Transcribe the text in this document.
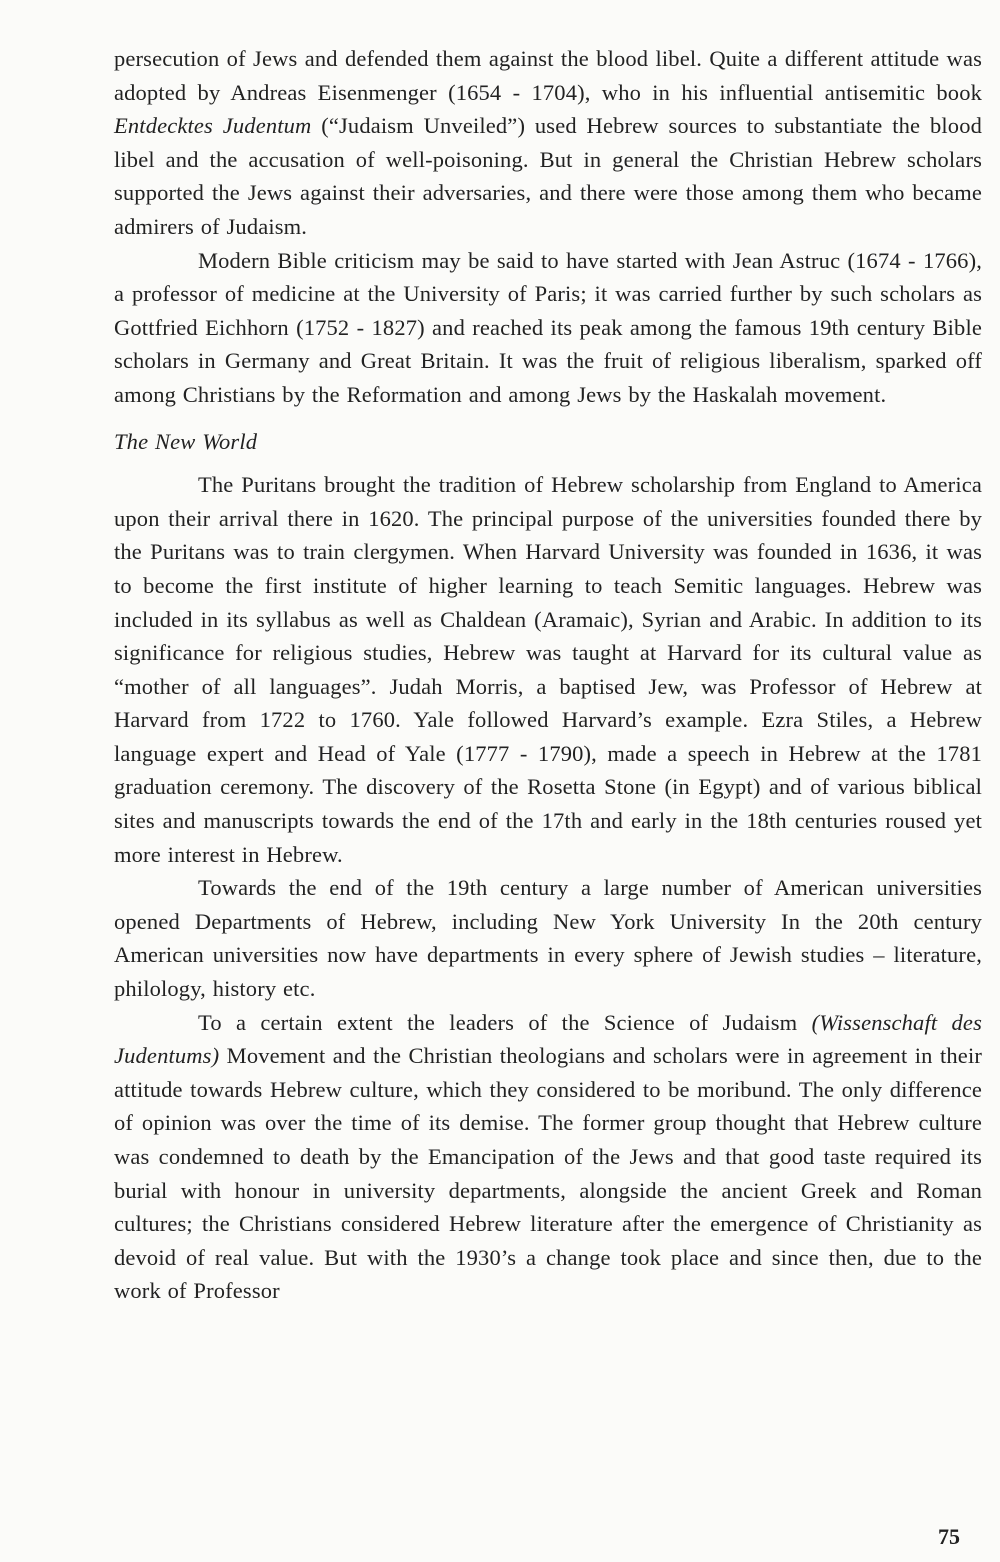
persecution of Jews and defended them against the blood libel. Quite a different attitude was adopted by Andreas Eisenmenger (1654 - 1704), who in his influential antisemitic book Entdecktes Judentum (“Judaism Unveiled”) used Hebrew sources to substantiate the blood libel and the accusation of well-poisoning. But in general the Christian Hebrew scholars supported the Jews against their adversaries, and there were those among them who became admirers of Judaism.

Modern Bible criticism may be said to have started with Jean Astruc (1674 - 1766), a professor of medicine at the University of Paris; it was carried further by such scholars as Gottfried Eichhorn (1752 - 1827) and reached its peak among the famous 19th century Bible scholars in Germany and Great Britain. It was the fruit of religious liberalism, sparked off among Christians by the Reformation and among Jews by the Haskalah movement.

The New World

The Puritans brought the tradition of Hebrew scholarship from England to America upon their arrival there in 1620. The principal purpose of the universities founded there by the Puritans was to train clergymen. When Harvard University was founded in 1636, it was to become the first institute of higher learning to teach Semitic languages. Hebrew was included in its syllabus as well as Chaldean (Aramaic), Syrian and Arabic. In addition to its significance for religious studies, Hebrew was taught at Harvard for its cultural value as “mother of all languages”. Judah Morris, a baptised Jew, was Professor of Hebrew at Harvard from 1722 to 1760. Yale followed Harvard’s example. Ezra Stiles, a Hebrew language expert and Head of Yale (1777 - 1790), made a speech in Hebrew at the 1781 graduation ceremony. The discovery of the Rosetta Stone (in Egypt) and of various biblical sites and manuscripts towards the end of the 17th and early in the 18th centuries roused yet more interest in Hebrew.

Towards the end of the 19th century a large number of American universities opened Departments of Hebrew, including New York University In the 20th century American universities now have departments in every sphere of Jewish studies – literature, philology, history etc.

To a certain extent the leaders of the Science of Judaism (Wissenschaft des Judentums) Movement and the Christian theologians and scholars were in agreement in their attitude towards Hebrew culture, which they considered to be moribund. The only difference of opinion was over the time of its demise. The former group thought that Hebrew culture was condemned to death by the Emancipation of the Jews and that good taste required its burial with honour in university departments, alongside the ancient Greek and Roman cultures; the Christians considered Hebrew literature after the emergence of Christianity as devoid of real value. But with the 1930’s a change took place and since then, due to the work of Professor

75
